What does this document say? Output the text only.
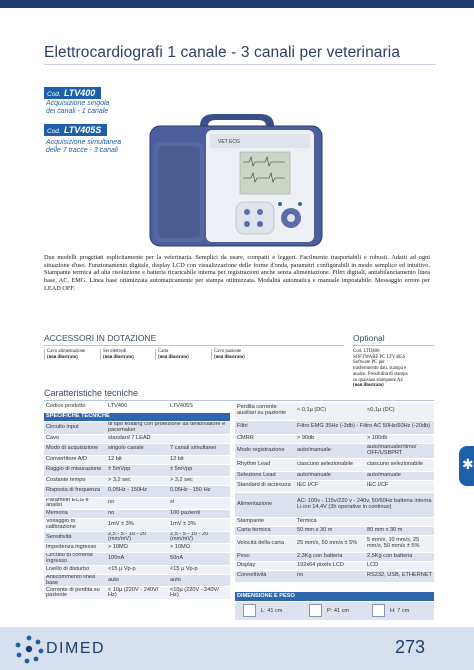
Elettrocardiografi 1 canale - 3 canali per veterinaria
Cod. LTV400
Acquisizione singola
dei canali - 1 canale
Cod. LTV405S
Acquisizione simultanea
delle 7 tracce - 3 canali
VET ECG
Due modelli progettati esplicitamente per la veterinaria. Semplici da usare, compatti e leggeri. Facilmente trasportabili e robusti. Adatti ad ogni situazione d'uso. Funzionamento digitale, display LCD con visualizzazione delle forme d'onda, parametri configurabili in modo semplice ed intuitivo. Stampante termica ad alta risoluzione e batteria ricaricabile interna per registrazioni anche senza alimentazione. Filtri digitali, antisbilanciamento linea base, AC, EMG. Linea base ottimizzata automaticamente per stampa ottimizzata. Modalità automatica e manuale impostabile. Messaggio errore per LEAD OFF.
ACCESSORI IN DOTAZIONE
Cavo alimentazione
(non illustrato)
Set elettrodi
(non illustrato)
Carta
(non illustrato)
Cavo paziente
(non illustrato)
Optional
Cod. LTD406
SOFTWARE PC LTV405S
Software PC per
trasferimento dati, stampa e
analisi. Possibilità di stampa
su qualsiasi stampante A4
(non illustrato)
Caratteristiche tecniche
Codice prodotto	LTV400	LTV405S
SPECIFICHE TECNICHE		
Circuito input	di tipo floating con protezione da defibrillatore e pacemaker	
Cavo	standard 7 LEAD	
Modo di acquisizione	singolo canale	7 canali simultanei
Convertitore A/D	12 bit	12 bit
Raggio di misurazione	± 5mVpp	± 5mVpp
Costante tempo	> 3,2 sec	> 3,2 sec
Risposta di frequenza	0,05Hz - 150Hz	0,05Hz - 150 Hz
Parametri ECG e analisi	no	si
Memoria	no	100 pazienti
Voltaggio di calibrazione	1mV ± 3%	1mV ± 3%
Sensitività	2,5 - 5 - 10 - 20 (mm/mV)	2,5 - 5 - 10 - 20 (mm/mV)
Impedenza ingresso	> 10MΩ	> 10MΩ
Circuito di corrente ingresso	100nA	50nA
Livello di disturbo	<15 µ Vp-p	<15 µ Vp-p
Anticommento linea base	auto	auto
Corrente di perdita su paziente	< 10µ (220V - 240V/ Hz)	<10µ (220V - 240V/ Hz)
Perdita corrente ausiliari su paziente	< 0,1µ (DC)	<0,1µ (DC)
Filtri	Filtro EMG 35Hz (-3db) - Filtro AC 50Hz/60Hz (-20db)	
CMRR	> 90db	> 100db
Modo registrazione	auto/manuale	auto/manuale/ritmo/ OFF/USBPRT
Rhythm Lead	ciascuno selezionabile	ciascuno selezionabile
Selezione Lead	auto/manuale	auto/manuale
Standard di sicurezza	IEC I/CF	IEC I/CF
Alimentazione	AC: 100v - 115v/220 v - 240v, 50/60Hz batteria interna Li-ion 14,4V (3h operative in continuo)	
Stampante	Termica	
Carta termica	50 mm x 30 m	80 mm x 30 m
Velocità della carta	25 mm/s, 50 mm/s ± 5%	5 mm/s, 10 mm/s, 25 mm/s, 50 mm/s ± 5%
Peso	2,3Kg con batteria	2,5Kg con batteria
Display	192x64 pixels LCD	LCD
Connettività	no	RS232, USB, ETHERNET
DIMENSIONE E PESO
L: 41 cm	P: 41 cm	H: 7 cm
✱
DIMED	273
